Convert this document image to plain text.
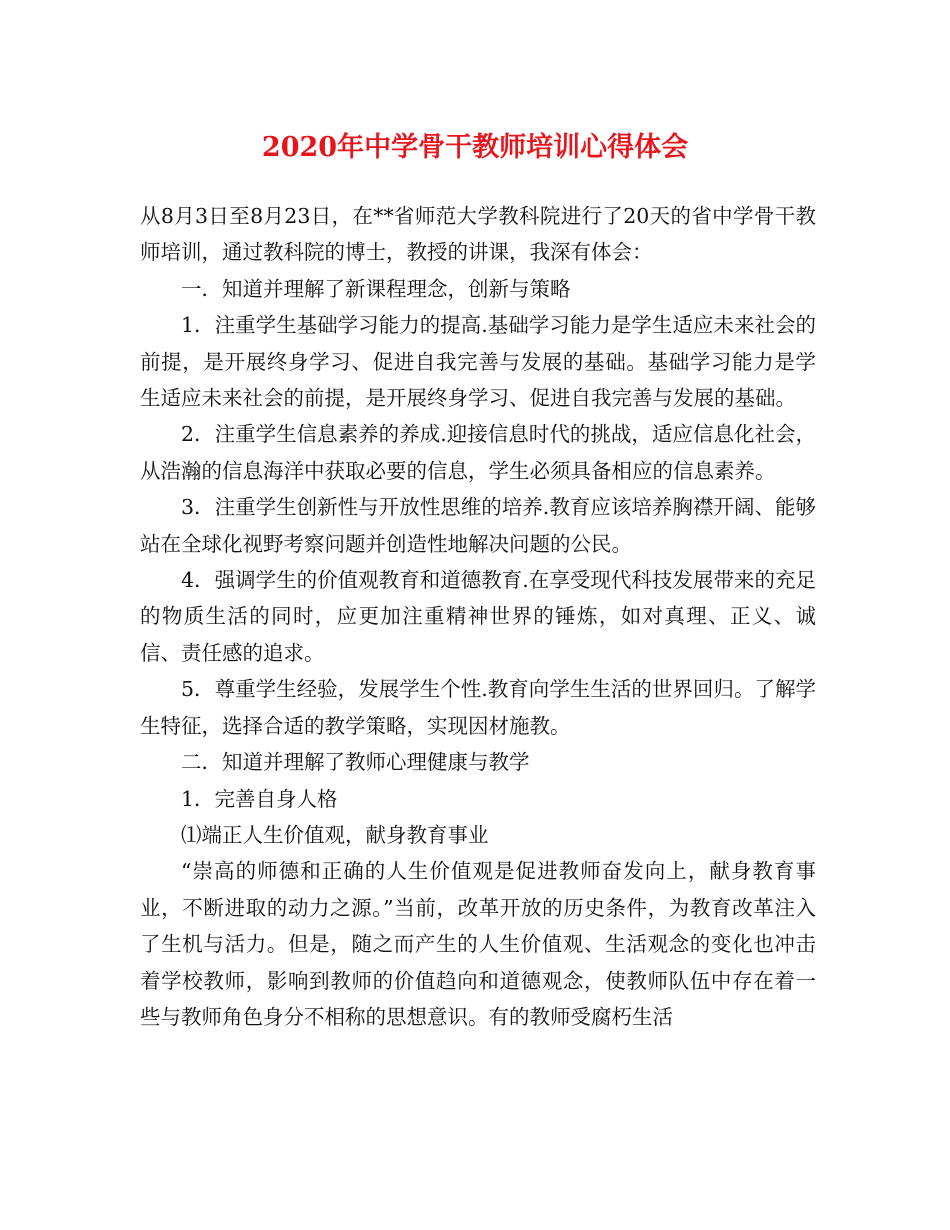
2020年中学骨干教师培训心得体会

从8月3日至8月23日，在**省师范大学教科院进行了20天的省中学骨干教师培训，通过教科院的博士，教授的讲课，我深有体会：

一．知道并理解了新课程理念，创新与策略

1．注重学生基础学习能力的提高.基础学习能力是学生适应未来社会的前提，是开展终身学习、促进自我完善与发展的基础。基础学习能力是学生适应未来社会的前提，是开展终身学习、促进自我完善与发展的基础。

2．注重学生信息素养的养成.迎接信息时代的挑战，适应信息化社会，从浩瀚的信息海洋中获取必要的信息，学生必须具备相应的信息素养。

3．注重学生创新性与开放性思维的培养.教育应该培养胸襟开阔、能够站在全球化视野考察问题并创造性地解决问题的公民。

4．强调学生的价值观教育和道德教育.在享受现代科技发展带来的充足的物质生活的同时，应更加注重精神世界的锤炼，如对真理、正义、诚信、责任感的追求。

5．尊重学生经验，发展学生个性.教育向学生生活的世界回归。了解学生特征，选择合适的教学策略，实现因材施教。

二．知道并理解了教师心理健康与教学

1．完善自身人格

⑴端正人生价值观，献身教育事业

“崇高的师德和正确的人生价值观是促进教师奋发向上，献身教育事业，不断进取的动力之源。”当前，改革开放的历史条件，为教育改革注入了生机与活力。但是，随之而产生的人生价值观、生活观念的变化也冲击着学校教师，影响到教师的价值趋向和道德观念，使教师队伍中存在着一些与教师角色身分不相称的思想意识。有的教师受腐朽生活
